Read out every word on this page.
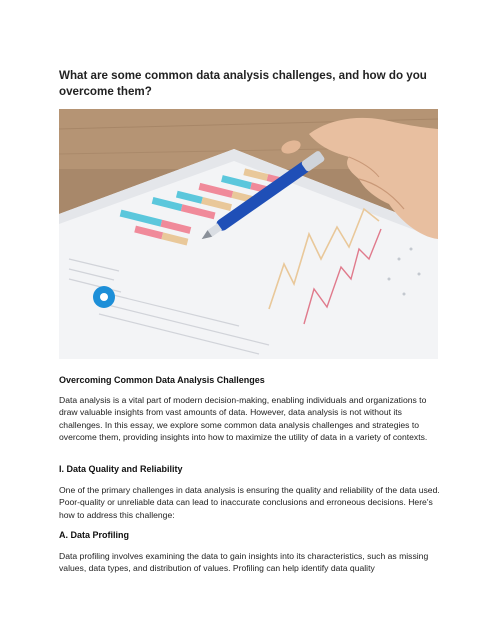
What are some common data analysis challenges, and how do you overcome them?
Overcoming Common Data Analysis Challenges
Data analysis is a vital part of modern decision-making, enabling individuals and organizations to draw valuable insights from vast amounts of data. However, data analysis is not without its challenges. In this essay, we explore some common data analysis challenges and strategies to overcome them, providing insights into how to maximize the utility of data in a variety of contexts.
I. Data Quality and Reliability
One of the primary challenges in data analysis is ensuring the quality and reliability of the data used. Poor-quality or unreliable data can lead to inaccurate conclusions and erroneous decisions. Here's how to address this challenge:
A. Data Profiling
Data profiling involves examining the data to gain insights into its characteristics, such as missing values, data types, and distribution of values. Profiling can help identify data quality
